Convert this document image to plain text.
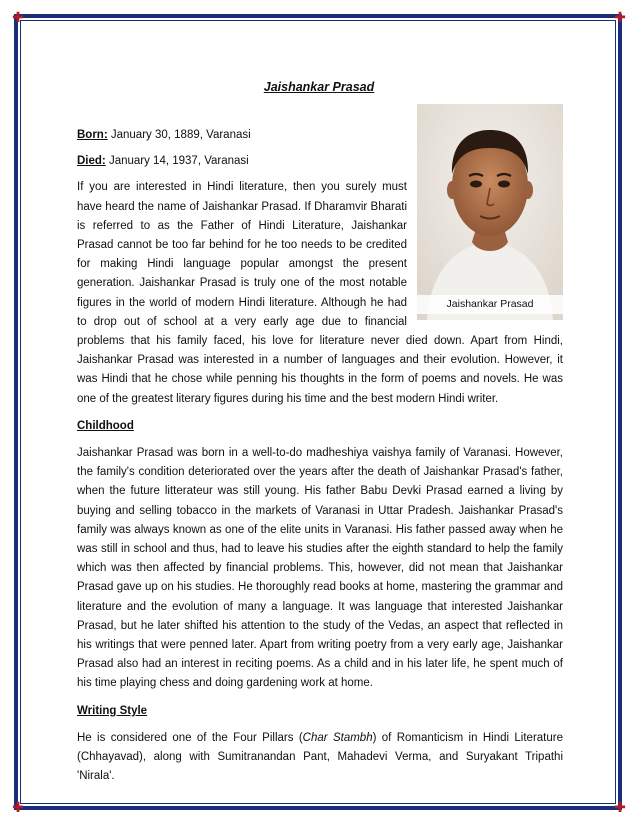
✚	✚
✚	✚
Jaishankar Prasad
Jaishankar Prasad

Born: January 30, 1889, Varanasi

Died: January 14, 1937, Varanasi

If you are interested in Hindi literature, then you surely must have heard the name of Jaishankar Prasad. If Dharamvir Bharati is referred to as the Father of Hindi Literature, Jaishankar Prasad cannot be too far behind for he too needs to be credited for making Hindi language popular amongst the present generation. Jaishankar Prasad is truly one of the most notable figures in the world of modern Hindi literature. Although he had to drop out of school at a very early age due to financial problems that his family faced, his love for literature never died down. Apart from Hindi, Jaishankar Prasad was interested in a number of languages and their evolution. However, it was Hindi that he chose while penning his thoughts in the form of poems and novels. He was one of the greatest literary figures during his time and the best modern Hindi writer.

Childhood

Jaishankar Prasad was born in a well-to-do madheshiya vaishya family of Varanasi. However, the family's condition deteriorated over the years after the death of Jaishankar Prasad's father, when the future litterateur was still young. His father Babu Devki Prasad earned a living by buying and selling tobacco in the markets of Varanasi in Uttar Pradesh. Jaishankar Prasad's family was always known as one of the elite units in Varanasi. His father passed away when he was still in school and thus, had to leave his studies after the eighth standard to help the family which was then affected by financial problems. This, however, did not mean that Jaishankar Prasad gave up on his studies. He thoroughly read books at home, mastering the grammar and literature and the evolution of many a language. It was language that interested Jaishankar Prasad, but he later shifted his attention to the study of the Vedas, an aspect that reflected in his writings that were penned later. Apart from writing poetry from a very early age, Jaishankar Prasad also had an interest in reciting poems. As a child and in his later life, he spent much of his time playing chess and doing gardening work at home.

Writing Style

He is considered one of the Four Pillars (Char Stambh) of Romanticism in Hindi Literature (Chhayavad), along with Sumitranandan Pant, Mahadevi Verma, and Suryakant Tripathi 'Nirala'.
